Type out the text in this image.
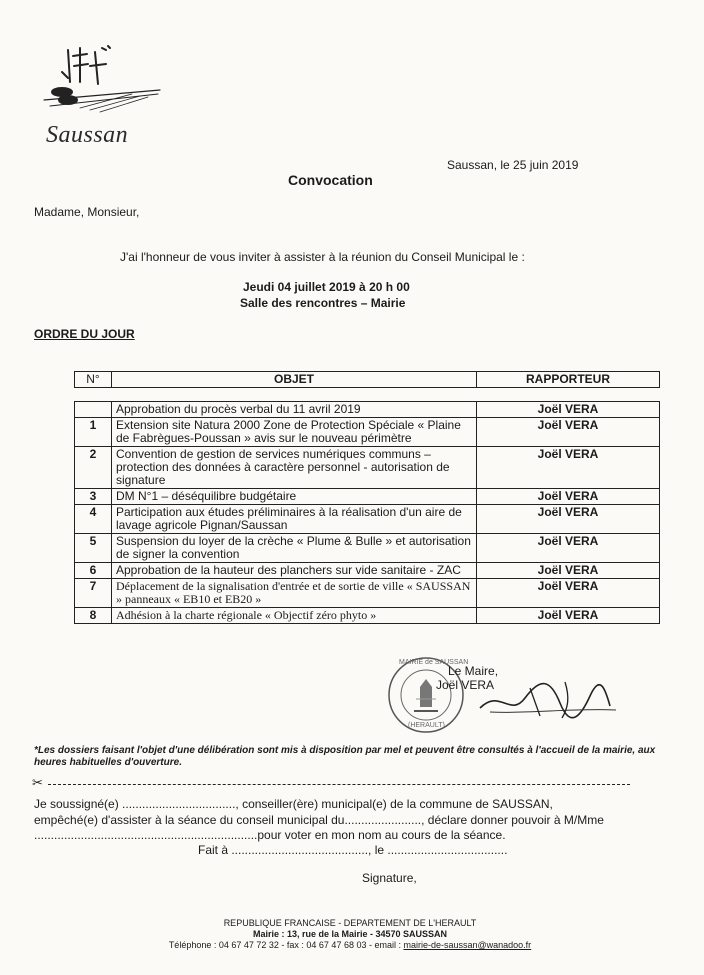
Saussan
Saussan, le 25 juin 2019
Convocation
Madame, Monsieur,
J'ai l'honneur de vous inviter à assister à la réunion du Conseil Municipal le :
Jeudi 04 juillet 2019 à 20 h 00
Salle des rencontres – Mairie
ORDRE DU JOUR
N°	OBJET	RAPPORTEUR
	Approbation du procès verbal du 11 avril 2019	Joël VERA
1	Extension site Natura 2000 Zone de Protection Spéciale « Plaine de Fabrègues-Poussan » avis sur le nouveau périmètre	Joël VERA
2	Convention de gestion de services numériques communs – protection des données à caractère personnel - autorisation de signature	Joël VERA
3	DM N°1 – déséquilibre budgétaire	Joël VERA
4	Participation aux études préliminaires à la réalisation d'un aire de lavage agricole Pignan/Saussan	Joël VERA
5	Suspension du loyer de la crèche « Plume & Bulle » et autorisation de signer la convention	Joël VERA
6	Approbation de la hauteur des planchers sur vide sanitaire - ZAC	Joël VERA
7	Déplacement de la signalisation d'entrée et de sortie de ville « SAUSSAN » panneaux « EB10 et EB20 »	Joël VERA
8	Adhésion à la charte régionale « Objectif zéro phyto »	Joël VERA
MAIRIE de SAUSSAN
(HERAULT)
Le Maire,
Joël VERA
*Les dossiers faisant l'objet d'une délibération sont mis à disposition par mel et peuvent être consultés à l'accueil de la mairie, aux heures habituelles d'ouverture.
✂
Je soussigné(e) .................................., conseiller(ère) municipal(e) de la commune de SAUSSAN,
empêché(e) d'assister à la séance du conseil municipal du......................., déclare donner pouvoir à M/Mme
...................................................................pour voter en mon nom au cours de la séance.
Fait à ........................................., le ....................................
Signature,
REPUBLIQUE FRANCAISE - DEPARTEMENT DE L'HERAULT
Mairie : 13, rue de la Mairie - 34570 SAUSSAN
Téléphone : 04 67 47 72 32 - fax : 04 67 47 68 03 - email : mairie-de-saussan@wanadoo.fr
